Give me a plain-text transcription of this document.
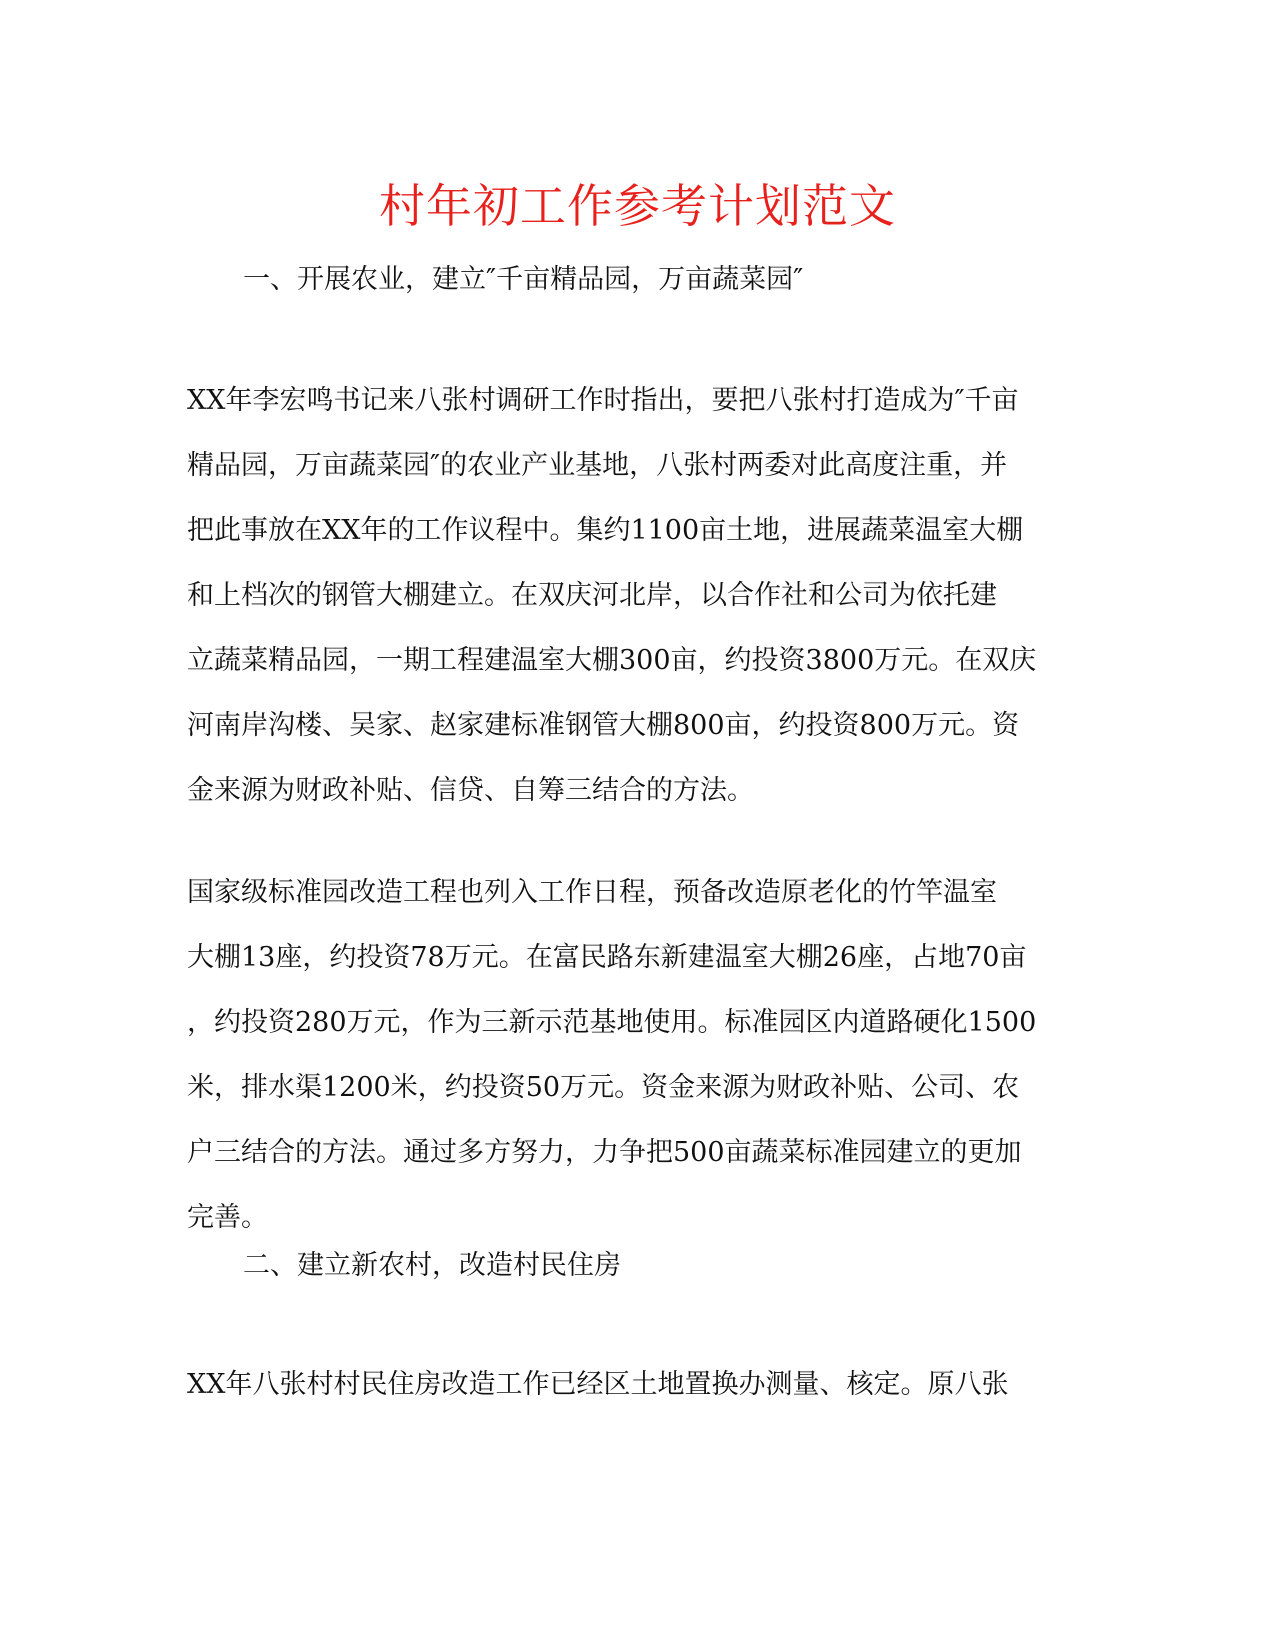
村年初工作参考计划范文
一、开展农业，建立″千亩精品园，万亩蔬菜园″
XX年李宏鸣书记来八张村调研工作时指出，要把八张村打造成为″千亩
精品园，万亩蔬菜园″的农业产业基地，八张村两委对此高度注重，并
把此事放在XX年的工作议程中。集约1100亩土地，进展蔬菜温室大棚
和上档次的钢管大棚建立。在双庆河北岸，以合作社和公司为依托建
立蔬菜精品园，一期工程建温室大棚300亩，约投资3800万元。在双庆
河南岸沟楼、吴家、赵家建标准钢管大棚800亩，约投资800万元。资
金来源为财政补贴、信贷、自筹三结合的方法。
国家级标准园改造工程也列入工作日程，预备改造原老化的竹竿温室
大棚13座，约投资78万元。在富民路东新建温室大棚26座，占地70亩
，约投资280万元，作为三新示范基地使用。标准园区内道路硬化1500
米，排水渠1200米，约投资50万元。资金来源为财政补贴、公司、农
户三结合的方法。通过多方努力，力争把500亩蔬菜标准园建立的更加
完善。
二、建立新农村，改造村民住房
XX年八张村村民住房改造工作已经区土地置换办测量、核定。原八张
